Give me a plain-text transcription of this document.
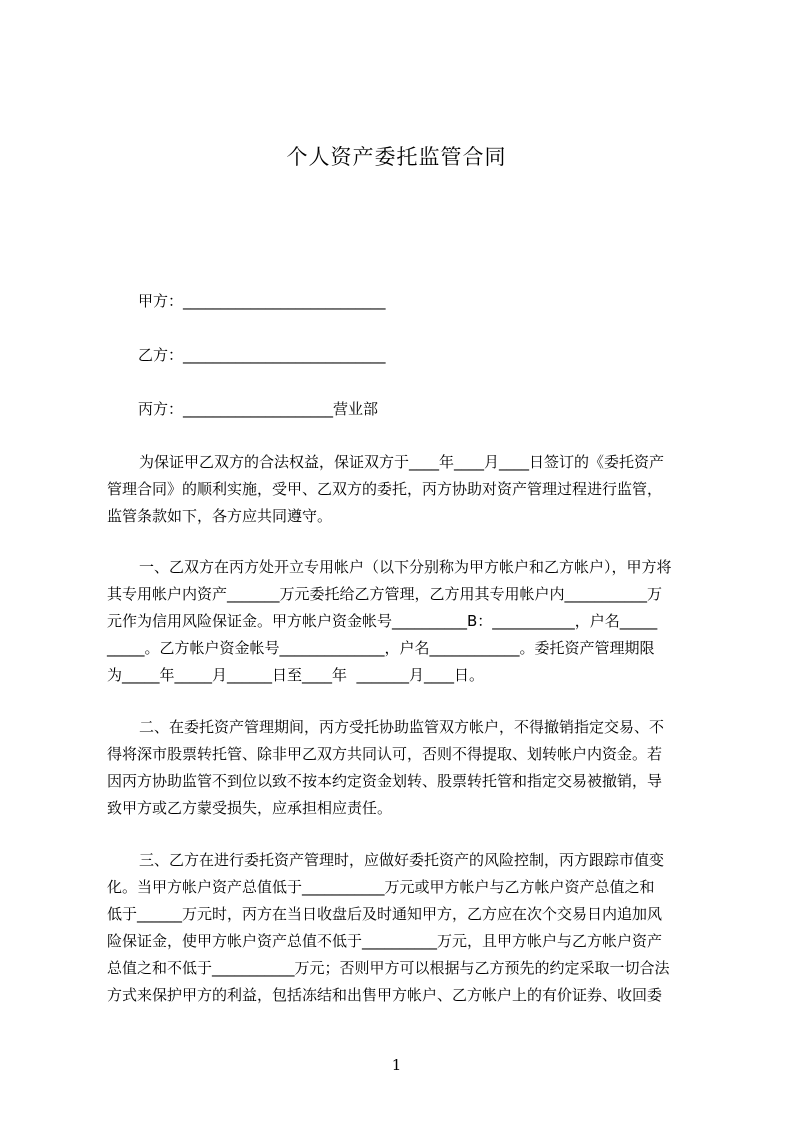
个人资产委托监管合同
甲方：___________________________
乙方：___________________________
丙方：____________________营业部
为保证甲乙双方的合法权益，保证双方于____年____月____日签订的《委托资产
管理合同》的顺利实施，受甲、乙双方的委托，丙方协助对资产管理过程进行监管，
监管条款如下，各方应共同遵守。
一、乙双方在丙方处开立专用帐户（以下分别称为甲方帐户和乙方帐户），甲方将
其专用帐户内资产_______万元委托给乙方管理，乙方用其专用帐户内___________万
元作为信用风险保证金。甲方帐户资金帐号__________B：___________，户名_____
_____。乙方帐户资金帐号______________，户名____________。委托资产管理期限
为_____年_____月______日至____年  _______月____日。
二、在委托资产管理期间，丙方受托协助监管双方帐户，不得撤销指定交易、不
得将深市股票转托管、除非甲乙双方共同认可，否则不得提取、划转帐户内资金。若
因丙方协助监管不到位以致不按本约定资金划转、股票转托管和指定交易被撤销，导
致甲方或乙方蒙受损失，应承担相应责任。
三、乙方在进行委托资产管理时，应做好委托资产的风险控制，丙方跟踪市值变
化。当甲方帐户资产总值低于___________万元或甲方帐户与乙方帐户资产总值之和
低于______万元时，丙方在当日收盘后及时通知甲方，乙方应在次个交易日内追加风
险保证金，使甲方帐户资产总值不低于__________万元，且甲方帐户与乙方帐户资产
总值之和不低于___________万元；否则甲方可以根据与乙方预先的约定采取一切合法
方式来保护甲方的利益，包括冻结和出售甲方帐户、乙方帐户上的有价证券、收回委
1
